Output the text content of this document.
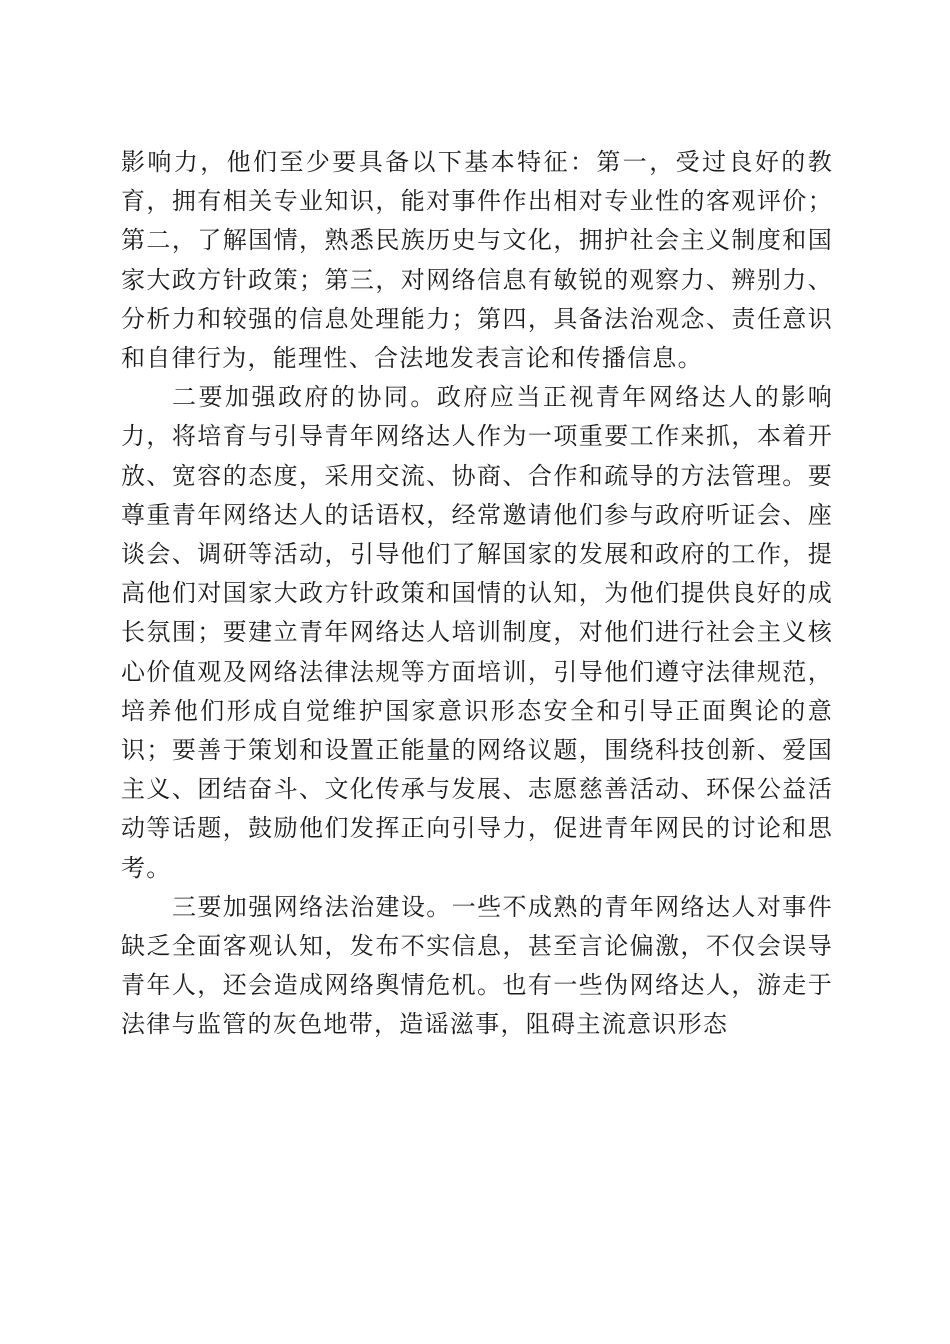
影响力，他们至少要具备以下基本特征：第一，受过良好的教育，拥有相关专业知识，能对事件作出相对专业性的客观评价；第二，了解国情，熟悉民族历史与文化，拥护社会主义制度和国家大政方针政策；第三，对网络信息有敏锐的观察力、辨别力、分析力和较强的信息处理能力；第四，具备法治观念、责任意识和自律行为，能理性、合法地发表言论和传播信息。

二要加强政府的协同。政府应当正视青年网络达人的影响力，将培育与引导青年网络达人作为一项重要工作来抓，本着开放、宽容的态度，采用交流、协商、合作和疏导的方法管理。要尊重青年网络达人的话语权，经常邀请他们参与政府听证会、座谈会、调研等活动，引导他们了解国家的发展和政府的工作，提高他们对国家大政方针政策和国情的认知，为他们提供良好的成长氛围；要建立青年网络达人培训制度，对他们进行社会主义核心价值观及网络法律法规等方面培训，引导他们遵守法律规范，培养他们形成自觉维护国家意识形态安全和引导正面舆论的意识；要善于策划和设置正能量的网络议题，围绕科技创新、爱国主义、团结奋斗、文化传承与发展、志愿慈善活动、环保公益活动等话题，鼓励他们发挥正向引导力，促进青年网民的讨论和思考。

三要加强网络法治建设。一些不成熟的青年网络达人对事件缺乏全面客观认知，发布不实信息，甚至言论偏激，不仅会误导青年人，还会造成网络舆情危机。也有一些伪网络达人，游走于法律与监管的灰色地带，造谣滋事，阻碍主流意识形态
